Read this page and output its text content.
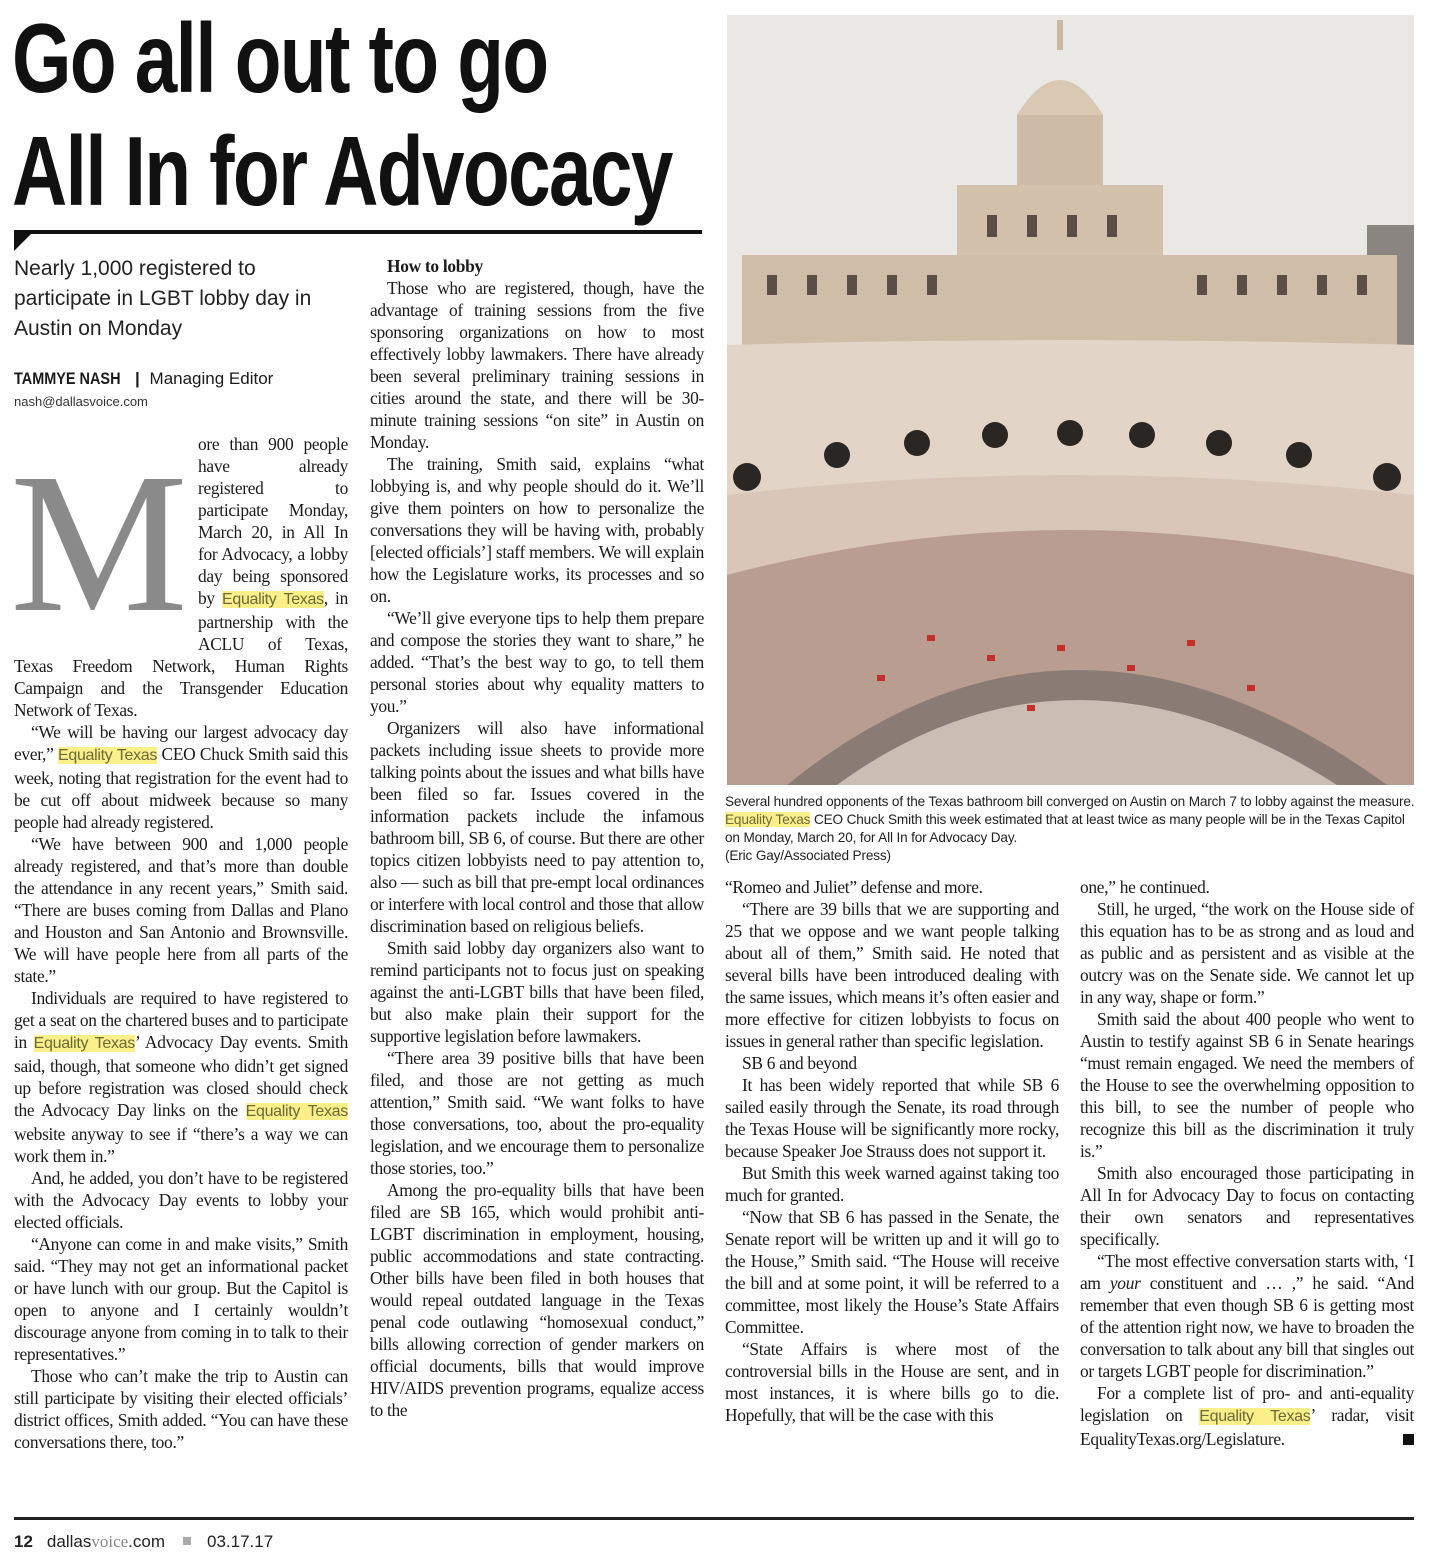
Go all out to go
All In for Advocacy
Nearly 1,000 registered to participate in LGBT lobby day in Austin on Monday
TAMMYE NASH | Managing Editor
nash@dallasvoice.com

M ore than 900 people have already registered to participate Monday, March 20, in All In for Advocacy, a lobby day being sponsored by Equality Texas, in partnership with the ACLU of Texas, Texas Freedom Network, Human Rights Campaign and the Transgender Education Network of Texas.

“We will be having our largest advocacy day ever,” Equality Texas CEO Chuck Smith said this week, noting that registration for the event had to be cut off about midweek because so many people had already registered.

“We have between 900 and 1,000 people already registered, and that’s more than double the attendance in any recent years,” Smith said. “There are buses coming from Dallas and Plano and Houston and San Antonio and Brownsville. We will have people here from all parts of the state.”

Individuals are required to have registered to get a seat on the chartered buses and to participate in Equality Texas’ Advocacy Day events. Smith said, though, that someone who didn’t get signed up before registration was closed should check the Advocacy Day links on the Equality Texas website anyway to see if “there’s a way we can work them in.”

And, he added, you don’t have to be registered with the Advocacy Day events to lobby your elected officials.

“Anyone can come in and make visits,” Smith said. “They may not get an informational packet or have lunch with our group. But the Capitol is open to anyone and I certainly wouldn’t discourage anyone from coming in to talk to their representatives.”

Those who can’t make the trip to Austin can still participate by visiting their elected officials’ district offices, Smith added. “You can have these conversations there, too.”

How to lobby

Those who are registered, though, have the advantage of training sessions from the five sponsoring organizations on how to most effectively lobby lawmakers. There have already been several preliminary training sessions in cities around the state, and there will be 30-minute training sessions “on site” in Austin on Monday.

The training, Smith said, explains “what lobbying is, and why people should do it. We’ll give them pointers on how to personalize the conversations they will be having with, probably [elected officials’] staff members. We will explain how the Legislature works, its processes and so on.

“We’ll give everyone tips to help them prepare and compose the stories they want to share,” he added. “That’s the best way to go, to tell them personal stories about why equality matters to you.”

Organizers will also have informational packets including issue sheets to provide more talking points about the issues and what bills have been filed so far. Issues covered in the information packets include the infamous bathroom bill, SB 6, of course. But there are other topics citizen lobbyists need to pay attention to, also — such as bill that pre-empt local ordinances or interfere with local control and those that allow discrimination based on religious beliefs.

Smith said lobby day organizers also want to remind participants not to focus just on speaking against the anti-LGBT bills that have been filed, but also make plain their support for the supportive legislation before lawmakers.

“There area 39 positive bills that have been filed, and those are not getting as much attention,” Smith said. “We want folks to have those conversations, too, about the pro-equality legislation, and we encourage them to personalize those stories, too.”

Among the pro-equality bills that have been filed are SB 165, which would prohibit anti-LGBT discrimination in employment, housing, public accommodations and state contracting. Other bills have been filed in both houses that would repeal outdated language in the Texas penal code outlawing “homosexual conduct,” bills allowing correction of gender markers on official documents, bills that would improve HIV/AIDS prevention programs, equalize access to the

“Romeo and Juliet” defense and more.

“There are 39 bills that we are supporting and 25 that we oppose and we want people talking about all of them,” Smith said. He noted that several bills have been introduced dealing with the same issues, which means it’s often easier and more effective for citizen lobbyists to focus on issues in general rather than specific legislation.

SB 6 and beyond

It has been widely reported that while SB 6 sailed easily through the Senate, its road through the Texas House will be significantly more rocky, because Speaker Joe Strauss does not support it.

But Smith this week warned against taking too much for granted.

“Now that SB 6 has passed in the Senate, the Senate report will be written up and it will go to the House,” Smith said. “The House will receive the bill and at some point, it will be referred to a committee, most likely the House’s State Affairs Committee.

“State Affairs is where most of the controversial bills in the House are sent, and in most instances, it is where bills go to die. Hopefully, that will be the case with this

one,” he continued.

Still, he urged, “the work on the House side of this equation has to be as strong and as loud and as public and as persistent and as visible at the outcry was on the Senate side. We cannot let up in any way, shape or form.”

Smith said the about 400 people who went to Austin to testify against SB 6 in Senate hearings “must remain engaged. We need the members of the House to see the overwhelming opposition to this bill, to see the number of people who recognize this bill as the discrimination it truly is.”

Smith also encouraged those participating in All In for Advocacy Day to focus on contacting their own senators and representatives specifically.

“The most effective conversation starts with, ‘I am your constituent and … ,” he said. “And remember that even though SB 6 is getting most of the attention right now, we have to broaden the conversation to talk about any bill that singles out or targets LGBT people for discrimination.”

For a complete list of pro- and anti-equality legislation on Equality Texas’ radar, visit EqualityTexas.org/Legislature.

Several hundred opponents of the Texas bathroom bill converged on Austin on March 7 to lobby against the measure. Equality Texas CEO Chuck Smith this week estimated that at least twice as many people will be in the Texas Capitol on Monday, March 20, for All In for Advocacy Day.
(Eric Gay/Associated Press)
12 dallasvoice.com 03.17.17
